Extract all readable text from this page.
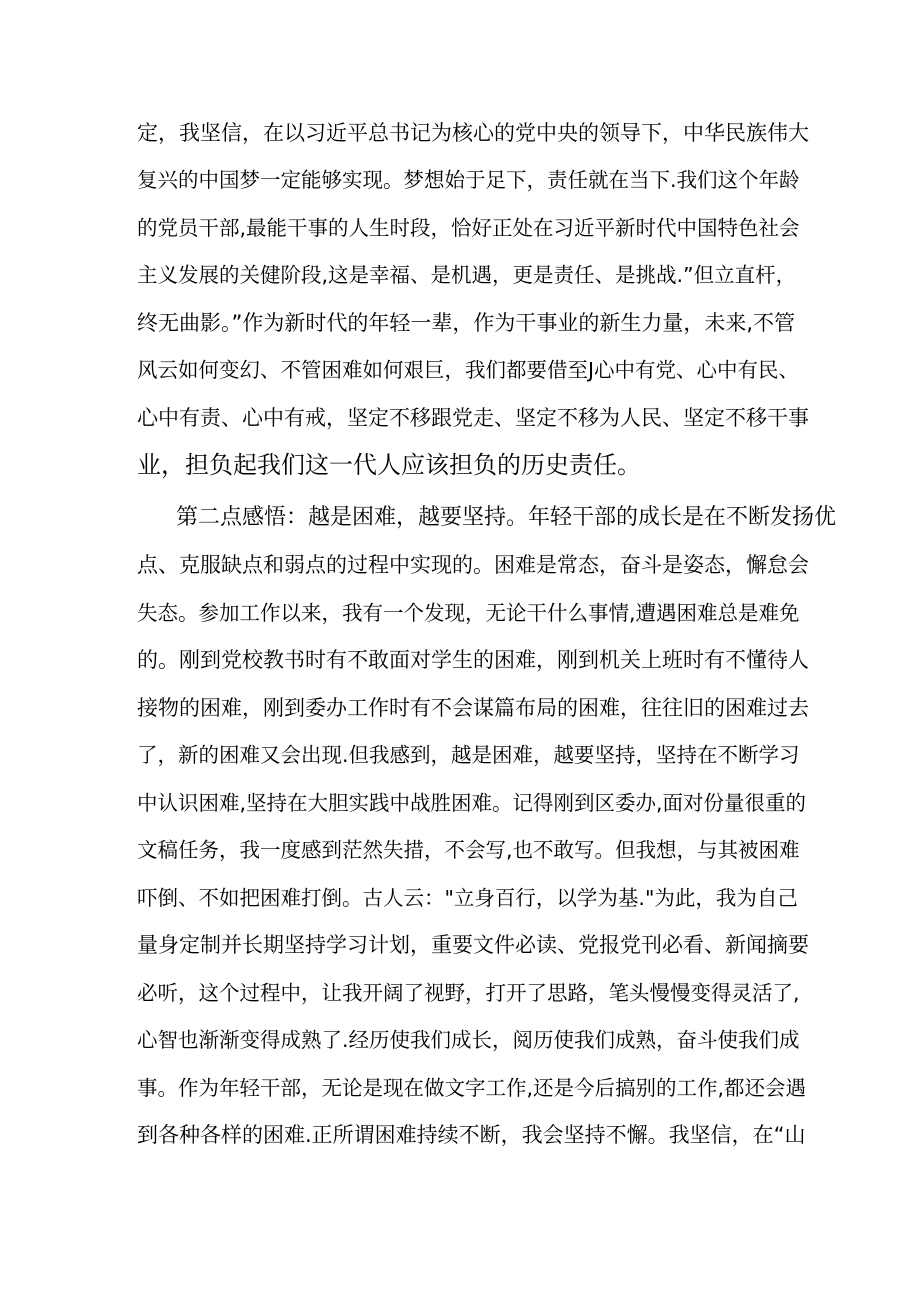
定，我坚信，在以习近平总书记为核心的党中央的领导下，中华民族伟大
复兴的中国梦一定能够实现。梦想始于足下，责任就在当下.我们这个年龄
的党员干部,最能干事的人生时段，恰好正处在习近平新时代中国特色社会
主义发展的关健阶段,这是幸福、是机遇，更是责任、是挑战.”但立直杆，
终无曲影。”作为新时代的年轻一辈，作为干事业的新生力量，未来,不管
风云如何变幻、不管困难如何艰巨，我们都要借至J心中有党、心中有民、
心中有责、心中有戒，坚定不移跟党走、坚定不移为人民、坚定不移干事
业，担负起我们这一代人应该担负的历史责任。
第二点感悟：越是困难，越要坚持。年轻干部的成长是在不断发扬优
点、克服缺点和弱点的过程中实现的。困难是常态，奋斗是姿态，懈怠会
失态。参加工作以来，我有一个发现，无论干什么事情,遭遇困难总是难免
的。刚到党校教书时有不敢面对学生的困难，刚到机关上班时有不懂待人
接物的困难，刚到委办工作时有不会谋篇布局的困难，往往旧的困难过去
了，新的困难又会出现.但我感到，越是困难，越要坚持，坚持在不断学习
中认识困难,坚持在大胆实践中战胜困难。记得刚到区委办,面对份量很重的
文稿任务，我一度感到茫然失措，不会写,也不敢写。但我想，与其被困难
吓倒、不如把困难打倒。古人云："立身百行，以学为基."为此，我为自己
量身定制并长期坚持学习计划，重要文件必读、党报党刊必看、新闻摘要
必听，这个过程中，让我开阔了视野，打开了思路，笔头慢慢变得灵活了,
心智也渐渐变得成熟了.经历使我们成长，阅历使我们成熟，奋斗使我们成
事。作为年轻干部，无论是现在做文字工作,还是今后搞别的工作,都还会遇
到各种各样的困难.正所谓困难持续不断，我会坚持不懈。我坚信，在“山
